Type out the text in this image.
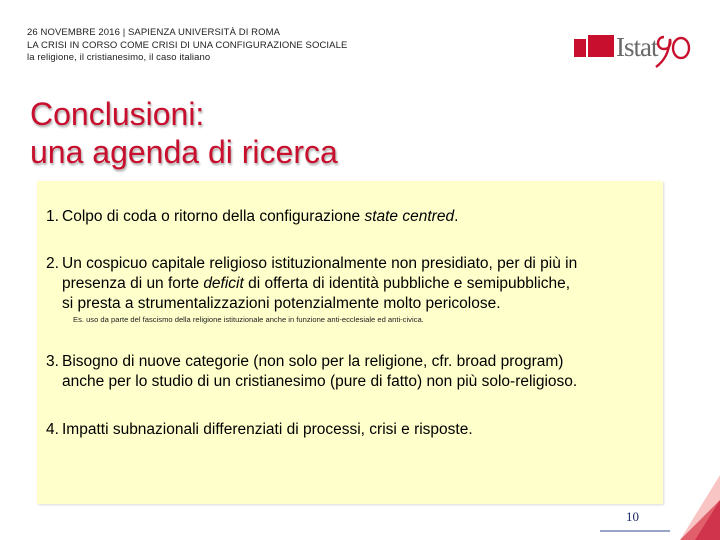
26 NOVEMBRE 2016 | SAPIENZA UNIVERSITÀ DI ROMA
LA CRISI IN CORSO COME CRISI DI UNA CONFIGURAZIONE SOCIALE
la religione, il cristianesimo, il caso italiano	Istat
Conclusioni:
una agenda di ricerca
1. Colpo di coda o ritorno della configurazione state centred.
2. Un cospicuo capitale religioso istituzionalmente non presidiato, per di più in
presenza di un forte deficit di offerta di identità pubbliche e semipubbliche,
si presta a strumentalizzazioni potenzialmente molto pericolose.
Es. uso da parte del fascismo della religione istituzionale anche in funzione anti-ecclesiale ed anti-civica.
3. Bisogno di nuove categorie (non solo per la religione, cfr. broad program)
anche per lo studio di un cristianesimo (pure di fatto) non più solo-religioso.
4. Impatti subnazionali differenziati di processi, crisi e risposte.
10
